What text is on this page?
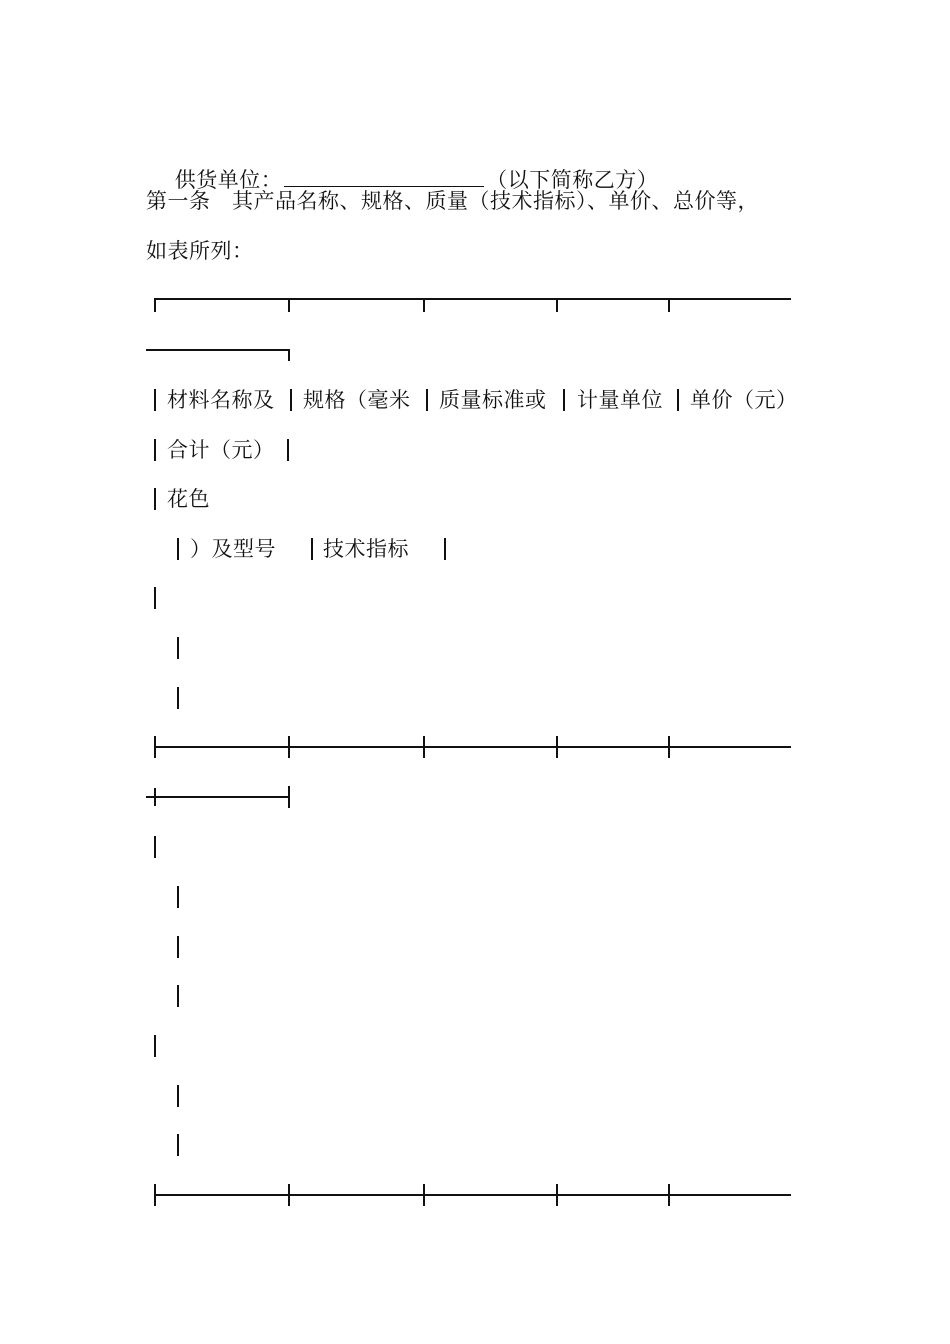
供货单位：	（以下简称乙方）

第一条　其产品名称、规格、质量（技术指标）、单价、总价等，
如表所列：
材料名称及 规格（毫米 质量标准或 计量单位 单价（元）
合计（元）
花色
）及型号 技术指标
